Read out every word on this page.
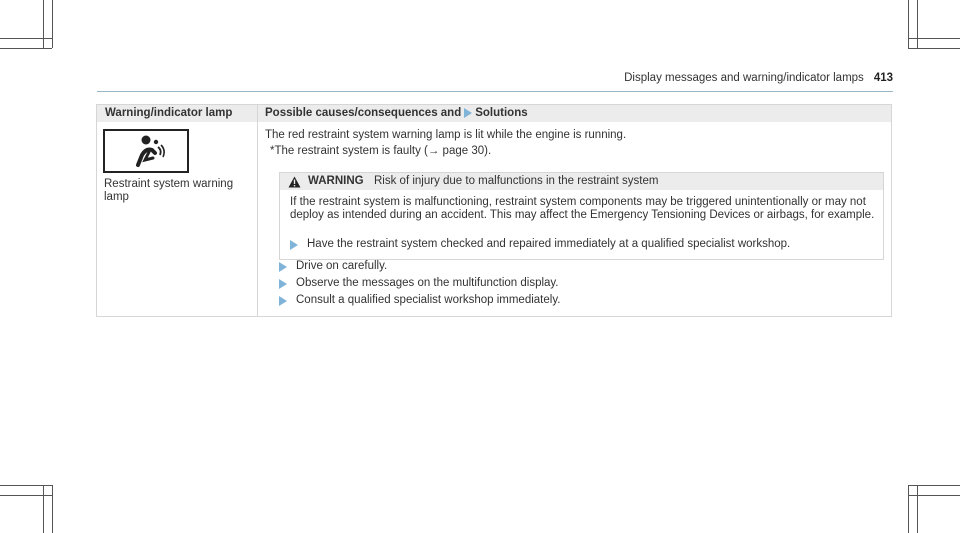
Display messages and warning/indicator lamps 413
Warning/indicator lamp	Possible causes/consequences and Solutions
Restraint system warning lamp
The red restraint system warning lamp is lit while the engine is running.
*The restraint system is faulty (→ page 30).
WARNING Risk of injury due to malfunctions in the restraint system
If the restraint system is malfunctioning, restraint system components may be triggered unintentionally or may not deploy as intended during an accident. This may affect the Emergency Tensioning Devices or airbags, for example.
Have the restraint system checked and repaired immediately at a qualified specialist workshop.
Drive on carefully.
Observe the messages on the multifunction display.
Consult a qualified specialist workshop immediately.
